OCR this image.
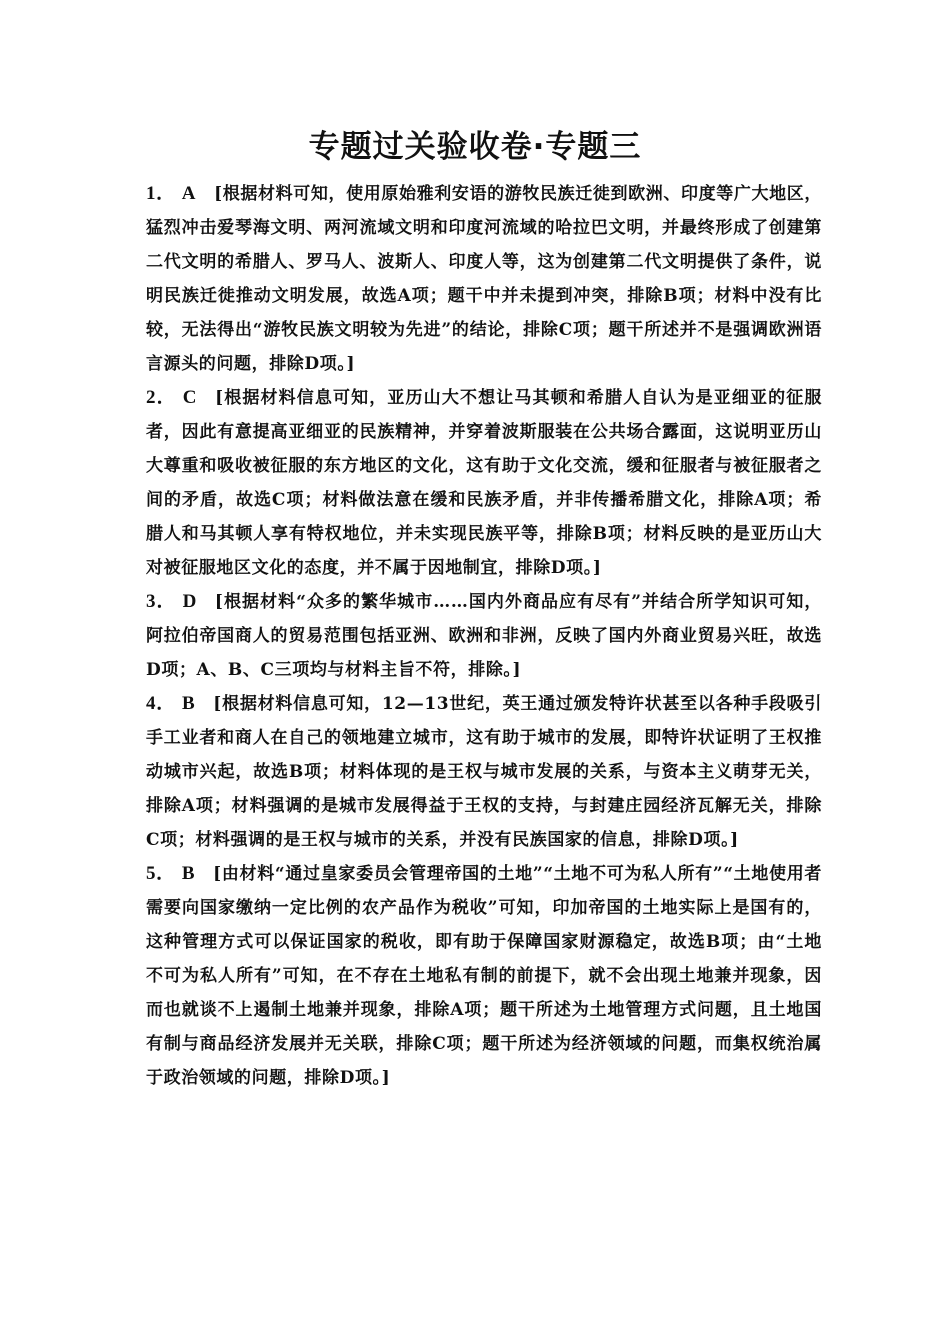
专题过关验收卷·专题三

1． A [根据材料可知，使用原始雅利安语的游牧民族迁徙到欧洲、印度等广大地区，猛烈冲击爱琴海文明、两河流域文明和印度河流域的哈拉巴文明，并最终形成了创建第二代文明的希腊人、罗马人、波斯人、印度人等，这为创建第二代文明提供了条件，说明民族迁徙推动文明发展，故选A项；题干中并未提到冲突，排除B项；材料中没有比较，无法得出“游牧民族文明较为先进”的结论，排除C项；题干所述并不是强调欧洲语言源头的问题，排除D项。]

2． C [根据材料信息可知，亚历山大不想让马其顿和希腊人自认为是亚细亚的征服者，因此有意提高亚细亚的民族精神，并穿着波斯服装在公共场合露面，这说明亚历山大尊重和吸收被征服的东方地区的文化，这有助于文化交流，缓和征服者与被征服者之间的矛盾，故选C项；材料做法意在缓和民族矛盾，并非传播希腊文化，排除A项；希腊人和马其顿人享有特权地位，并未实现民族平等，排除B项；材料反映的是亚历山大对被征服地区文化的态度，并不属于因地制宜，排除D项。]

3． D [根据材料“众多的繁华城市……国内外商品应有尽有”并结合所学知识可知，阿拉伯帝国商人的贸易范围包括亚洲、欧洲和非洲，反映了国内外商业贸易兴旺，故选D项；A、B、C三项均与材料主旨不符，排除。]

4． B [根据材料信息可知，12—13世纪，英王通过颁发特许状甚至以各种手段吸引手工业者和商人在自己的领地建立城市，这有助于城市的发展，即特许状证明了王权推动城市兴起，故选B项；材料体现的是王权与城市发展的关系，与资本主义萌芽无关，排除A项；材料强调的是城市发展得益于王权的支持，与封建庄园经济瓦解无关，排除C项；材料强调的是王权与城市的关系，并没有民族国家的信息，排除D项。]

5． B [由材料“通过皇家委员会管理帝国的土地”“土地不可为私人所有”“土地使用者需要向国家缴纳一定比例的农产品作为税收”可知，印加帝国的土地实际上是国有的，这种管理方式可以保证国家的税收，即有助于保障国家财源稳定，故选B项；由“土地不可为私人所有”可知，在不存在土地私有制的前提下，就不会出现土地兼并现象，因而也就谈不上遏制土地兼并现象，排除A项；题干所述为土地管理方式问题，且土地国有制与商品经济发展并无关联，排除C项；题干所述为经济领域的问题，而集权统治属于政治领域的问题，排除D项。]
